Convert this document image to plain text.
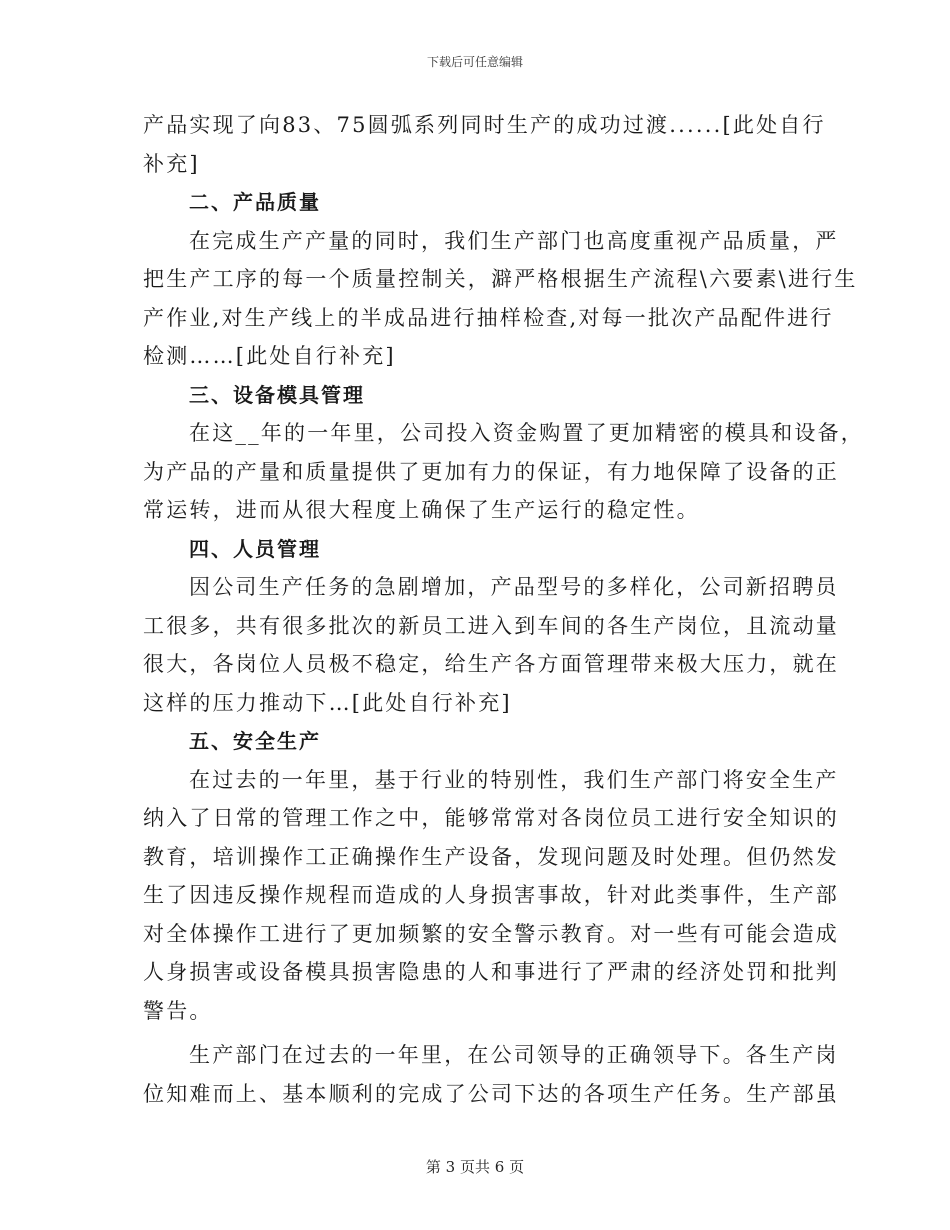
下载后可任意编辑
产品实现了向83、75圆弧系列同时生产的成功过渡......[此处自行
补充]
二、产品质量
在完成生产产量的同时，我们生产部门也高度重视产品质量，严
把生产工序的每一个质量控制关，澼严格根据生产流程\六要素\进行生
产作业,对生产线上的半成品进行抽样检查,对每一批次产品配件进行
检测……[此处自行补充]
三、设备模具管理
在这__年的一年里，公司投入资金购置了更加精密的模具和设备，
为产品的产量和质量提供了更加有力的保证，有力地保障了设备的正
常运转，进而从很大程度上确保了生产运行的稳定性。
四、人员管理
因公司生产任务的急剧增加，产品型号的多样化，公司新招聘员
工很多，共有很多批次的新员工进入到车间的各生产岗位，且流动量
很大，各岗位人员极不稳定，给生产各方面管理带来极大压力，就在
这样的压力推动下…[此处自行补充]
五、安全生产
在过去的一年里，基于行业的特别性，我们生产部门将安全生产
纳入了日常的管理工作之中，能够常常对各岗位员工进行安全知识的
教育，培训操作工正确操作生产设备，发现问题及时处理。但仍然发
生了因违反操作规程而造成的人身损害事故，针对此类事件，生产部
对全体操作工进行了更加频繁的安全警示教育。对一些有可能会造成
人身损害或设备模具损害隐患的人和事进行了严肃的经济处罚和批判
警告。
生产部门在过去的一年里，在公司领导的正确领导下。各生产岗
位知难而上、基本顺利的完成了公司下达的各项生产任务。生产部虽
第 3 页共 6 页
